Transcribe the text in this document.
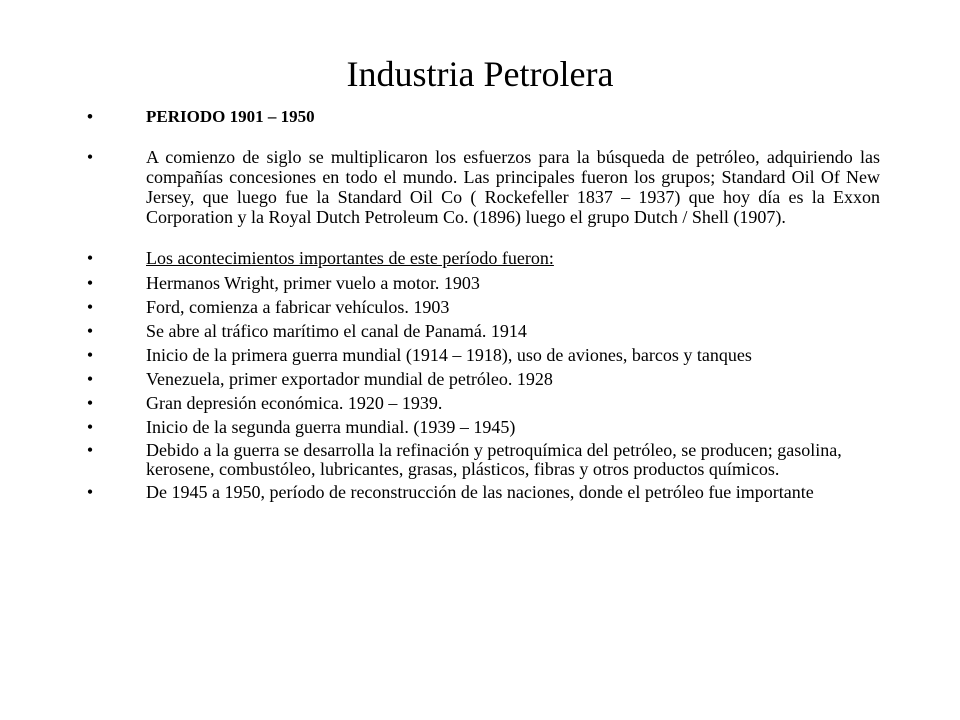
Industria Petrolera
•	PERIODO 1901 – 1950
•	A comienzo de siglo se multiplicaron los esfuerzos para la búsqueda de petróleo, adquiriendo las compañías concesiones en todo el mundo. Las principales fueron los grupos; Standard Oil Of New Jersey, que luego fue la Standard Oil Co ( Rockefeller 1837 – 1937) que hoy día es la Exxon Corporation y la Royal Dutch Petroleum Co. (1896) luego el grupo Dutch / Shell (1907).
•	Los acontecimientos importantes de este período fueron:
•	Hermanos Wright, primer vuelo a motor. 1903
•	Ford, comienza a fabricar vehículos. 1903
•	Se abre al tráfico marítimo el canal de Panamá. 1914
•	Inicio de la primera guerra mundial (1914 – 1918), uso de aviones, barcos y tanques
•	Venezuela, primer exportador mundial de petróleo. 1928
•	Gran depresión económica. 1920 – 1939.
•	Inicio de la segunda guerra mundial. (1939 – 1945)
•	Debido a la guerra se desarrolla la refinación y petroquímica del petróleo, se producen; gasolina, kerosene, combustóleo, lubricantes, grasas, plásticos, fibras y otros productos químicos.
•	De 1945 a 1950, período de reconstrucción de las naciones, donde el petróleo fue importante
